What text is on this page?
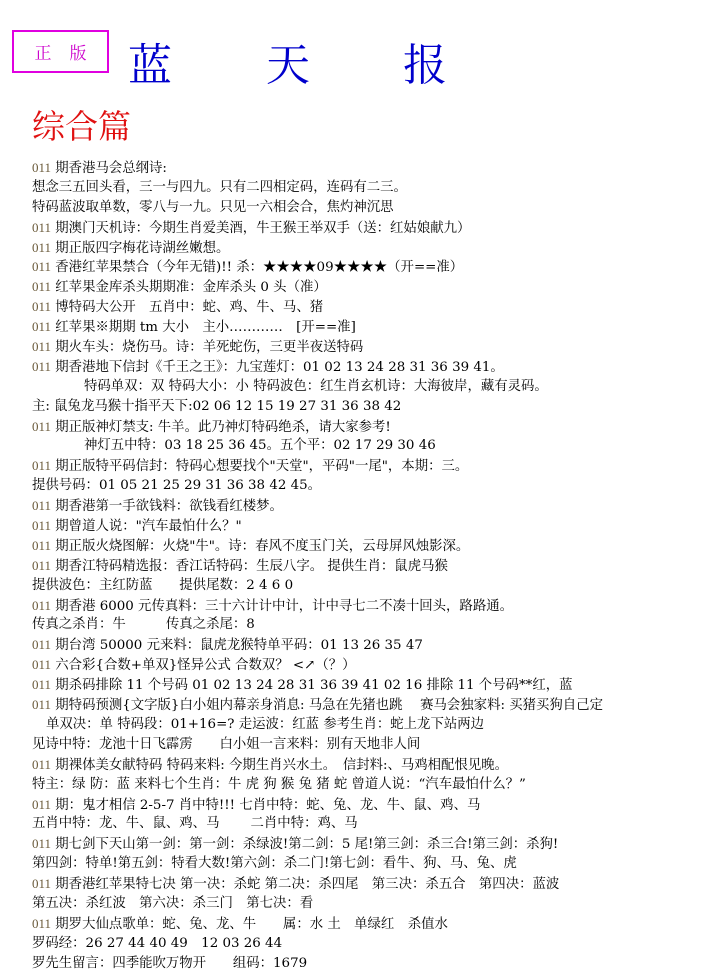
正 版 蓝 天 报
综合篇
011 期香港马会总纲诗:
想念三五回头看，三一与四九。只有二四相定码，连码有二三。
特码蓝波取单数，零八与一九。只见一六相会合，焦灼神沉思
011 期澳门天机诗：今期生肖爱美酒，牛王猴王举双手（送：红姑娘献九）
011 期正版四字梅花诗湖丝嫩想。
011 香港红苹果禁合（今年无错)!! 杀：★★★★09★★★★（开==准）
011 红苹果金库杀头期期准：金库杀头 0 头（准）
011 博特码大公开　五肖中：蛇、鸡、牛、马、猪
011 红苹果※期期 tm 大小　主小…………　[开==准]
011 期火车头：烧伤马。诗：羊死蛇伤，三更半夜送特码
011 期香港地下信封《千王之王》：九宝莲灯：01 02 13 24 28 31 36 39 41。
特码单双：双 特码大小：小 特码波色：红生肖玄机诗：大海彼岸，藏有灵码。
主: 鼠兔龙马猴十指平天下:02 06 12 15 19 27 31 36 38 42
011 期正版神灯禁支: 牛羊。此乃神灯特码绝杀，请大家参考!
神灯五中特：03 18 25 36 45。五个平：02 17 29 30 46
011 期正版特平码信封：特码心想要找个"天堂"，平码"一尾"，本期：三。
提供号码：01 05 21 25 29 31 36 38 42 45。
011 期香港第一手欲钱料：欲钱看红楼梦。
011 期曾道人说："汽车最怕什么？"
011 期正版火烧图解：火烧"牛"。诗：春风不度玉门关，云母屏风烛影深。
011 期香江特码精选报：香江话特码：生辰八字。 提供生肖：鼠虎马猴
提供波色：主红防蓝　　提供尾数：2 4 6 0
011 期香港 6000 元传真料：三十六计计中计，计中寻七二不凑十回头，路路通。
传真之杀肖：牛　　　传真之杀尾：8
011 期台湾 50000 元来料：鼠虎龙猴特单平码：01 13 26 35 47
011 六合彩{合数+单双}怪异公式 合数双？ <↗（？）
011 期杀码排除 11 个号码 01 02 13 24 28 31 36 39 41 02 16 排除 11 个号码**红，蓝
011 期特码预测{文字版}白小姐内幕亲身消息: 马急在先猪也跳　 赛马会独家料: 买猪买狗自己定
单双决：单 特码段：01+16=? 走运波：红蓝 参考生肖：蛇上龙下站两边
见诗中特：龙池十日飞霹雳　　白小姐一言来料：别有天地非人间
011 期裸体美女献特码 特码来料: 今期生肖兴水土。　信封料:、马鸡相配恨见晚。
特主：绿 防：蓝 来料七个生肖：牛 虎 狗 猴 兔 猪 蛇 曾道人说：“汽车最怕什么？”
011 期：鬼才相信 2-5-7 肖中特!!! 七肖中特：蛇、兔、龙、牛、鼠、鸡、马
五肖中特：龙、牛、鼠、鸡、马　　 二肖中特：鸡、马
011 期七剑下天山第一剑：第一剑：杀绿波!第二剑：5 尾!第三剑：杀三合!第三剑：杀狗!
第四剑：特单!第五剑：特看大数!第六剑：杀二门!第七剑：看牛、狗、马、兔、虎
011 期香港红苹果特七决 第一决：杀蛇 第二决：杀四尾　第三决：杀五合　第四决：蓝波
第五决：杀红波　第六决：杀三门　第七决：看
011 期罗大仙点歌单：蛇、兔、龙、牛　　属：水 土　单绿红　杀值水
罗码经：26 27 44 40 49　12 03 26 44
罗先生留言：四季能吹万物开　　组码：1679
